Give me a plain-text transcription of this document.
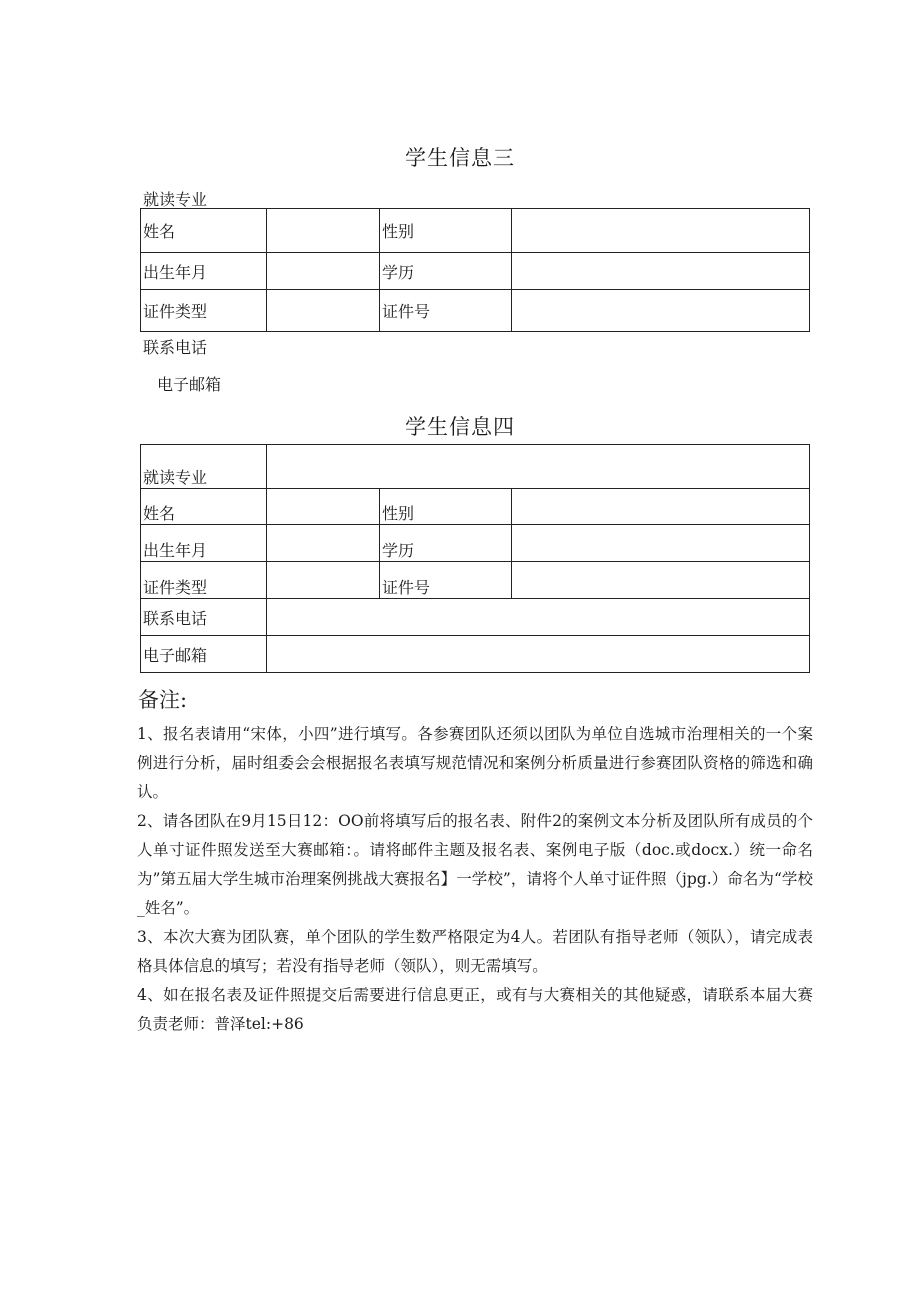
学生信息三
就读专业
姓名		性别	
出生年月		学历	
证件类型		证件号	
联系电话
电子邮箱
学生信息四
就读专业			
姓名		性别	
出生年月		学历	
证件类型		证件号	
联系电话			
电子邮箱			
备注:

1、报名表请用“宋体，小四”进行填写。各参赛团队还须以团队为单位自选城市治理相关的一个案例进行分析，届时组委会会根据报名表填写规范情况和案例分析质量进行参赛团队资格的筛选和确认。

2、请各团队在9月15日12：OO前将填写后的报名表、附件2的案例文本分析及团队所有成员的个人单寸证件照发送至大赛邮箱：。请将邮件主题及报名表、案例电子版（doc.或docx.）统一命名为”第五届大学生城市治理案例挑战大赛报名】一学校”，请将个人单寸证件照（jpg.）命名为“学校_姓名”。

3、本次大赛为团队赛，单个团队的学生数严格限定为4人。若团队有指导老师（领队），请完成表格具体信息的填写；若没有指导老师（领队），则无需填写。

4、如在报名表及证件照提交后需要进行信息更正，或有与大赛相关的其他疑惑，请联系本届大赛负责老师：普泽tel:+86
